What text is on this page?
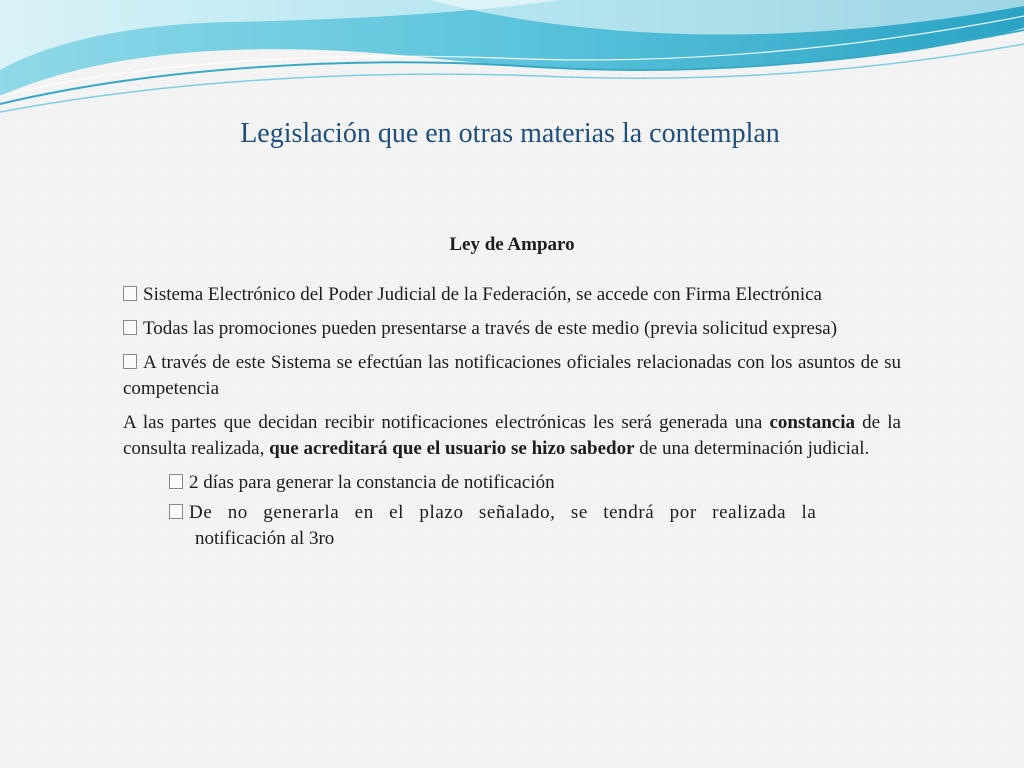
Legislación que en otras materias la contemplan
Ley de Amparo

Sistema Electrónico del Poder Judicial de la Federación, se accede con Firma Electrónica

Todas las promociones pueden presentarse a través de este medio (previa solicitud expresa)

A través de este Sistema se efectúan las notificaciones oficiales relacionadas con los asuntos de su competencia

A las partes que decidan recibir notificaciones electrónicas les será generada una constancia de la consulta realizada, que acreditará que el usuario se hizo sabedor de una determinación judicial.

2 días para generar la constancia de notificación
De no generarla en el plazo señalado, se tendrá por realizada la
notificación al 3ro
